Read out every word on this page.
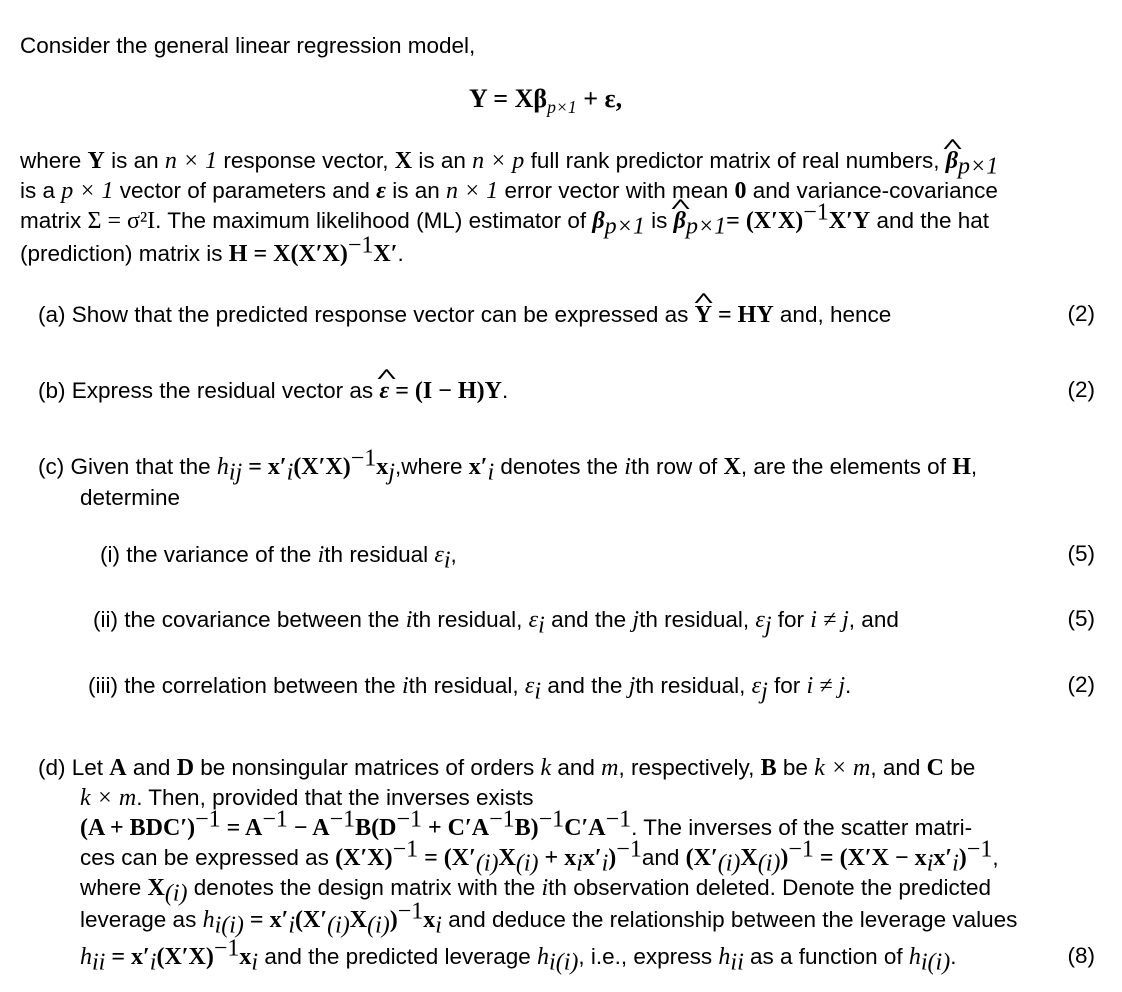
Consider the general linear regression model,
$Y = X\beta_{p\times 1} + \varepsilon$,
where Y is an n × 1 response vector, X is an n × p full rank predictor matrix of real numbers, ^ $\beta_{p\times 1}$
is a p × 1 vector of parameters and ε is an n × 1 error vector with mean 0 and variance-covariance
matrix Σ = σ²I. The maximum likelihood (ML) estimator of $\beta_{p\times 1}$ is ^ $\beta_{p\times 1}= (X'X)^{-1}X'Y$ and the hat
(prediction) matrix is $H = X(X'X)^{-1}X'$.
(a) Show that the predicted response vector can be expressed as ^ Y = HY and, hence	(2)
(b) Express the residual vector as ^ ε = (I − H)Y.	(2)
(c) Given that the $h_{ij}$ = $x'_i(X'X)^{-1}x_j,where$ $x'_i$ denotes the ith row of X, are the elements of H,
determine
(i) the variance of the ith residual $\varepsilon_i$,	(5)
(ii) the covariance between the ith residual, $\varepsilon_i$ and the jth residual, $\varepsilon_j$ for i ≠ j, and	(5)
(iii) the correlation between the ith residual, $\varepsilon_i$ and the jth residual, $\varepsilon_j$ for i ≠ j.	(2)
(d) Let A and D be nonsingular matrices of orders k and m, respectively, B be k × m, and C be
k × m. Then, provided that the inverses exists
$(A + BDC')^{-1} = A^{-1} - A^{-1}B(D^{-1} + C'A^{-1}B)^{-1}C'A^{-1}$. The inverses of the scatter matri-
ces can be expressed as $(X'X)^{-1} = (X'_{(i)}X_{(i)} + x_ix'_i)^{-1}and$ $(X'_{(i)}X_{(i)})^{-1} = (X'X - x_ix'_i)^{-1}$,
where $X_{(i)}$ denotes the design matrix with the ith observation deleted. Denote the predicted
leverage as $h_{i(i)} = x'_i(X'_{(i)}X_{(i)})^{-1}x_i$ and deduce the relationship between the leverage values
$h_{ii} = x'_i(X'X)^{-1}x_i$ and the predicted leverage $h_{i(i)}$, i.e., express $h_{ii}$ as a function of $h_{i(i)}$.	(8)
